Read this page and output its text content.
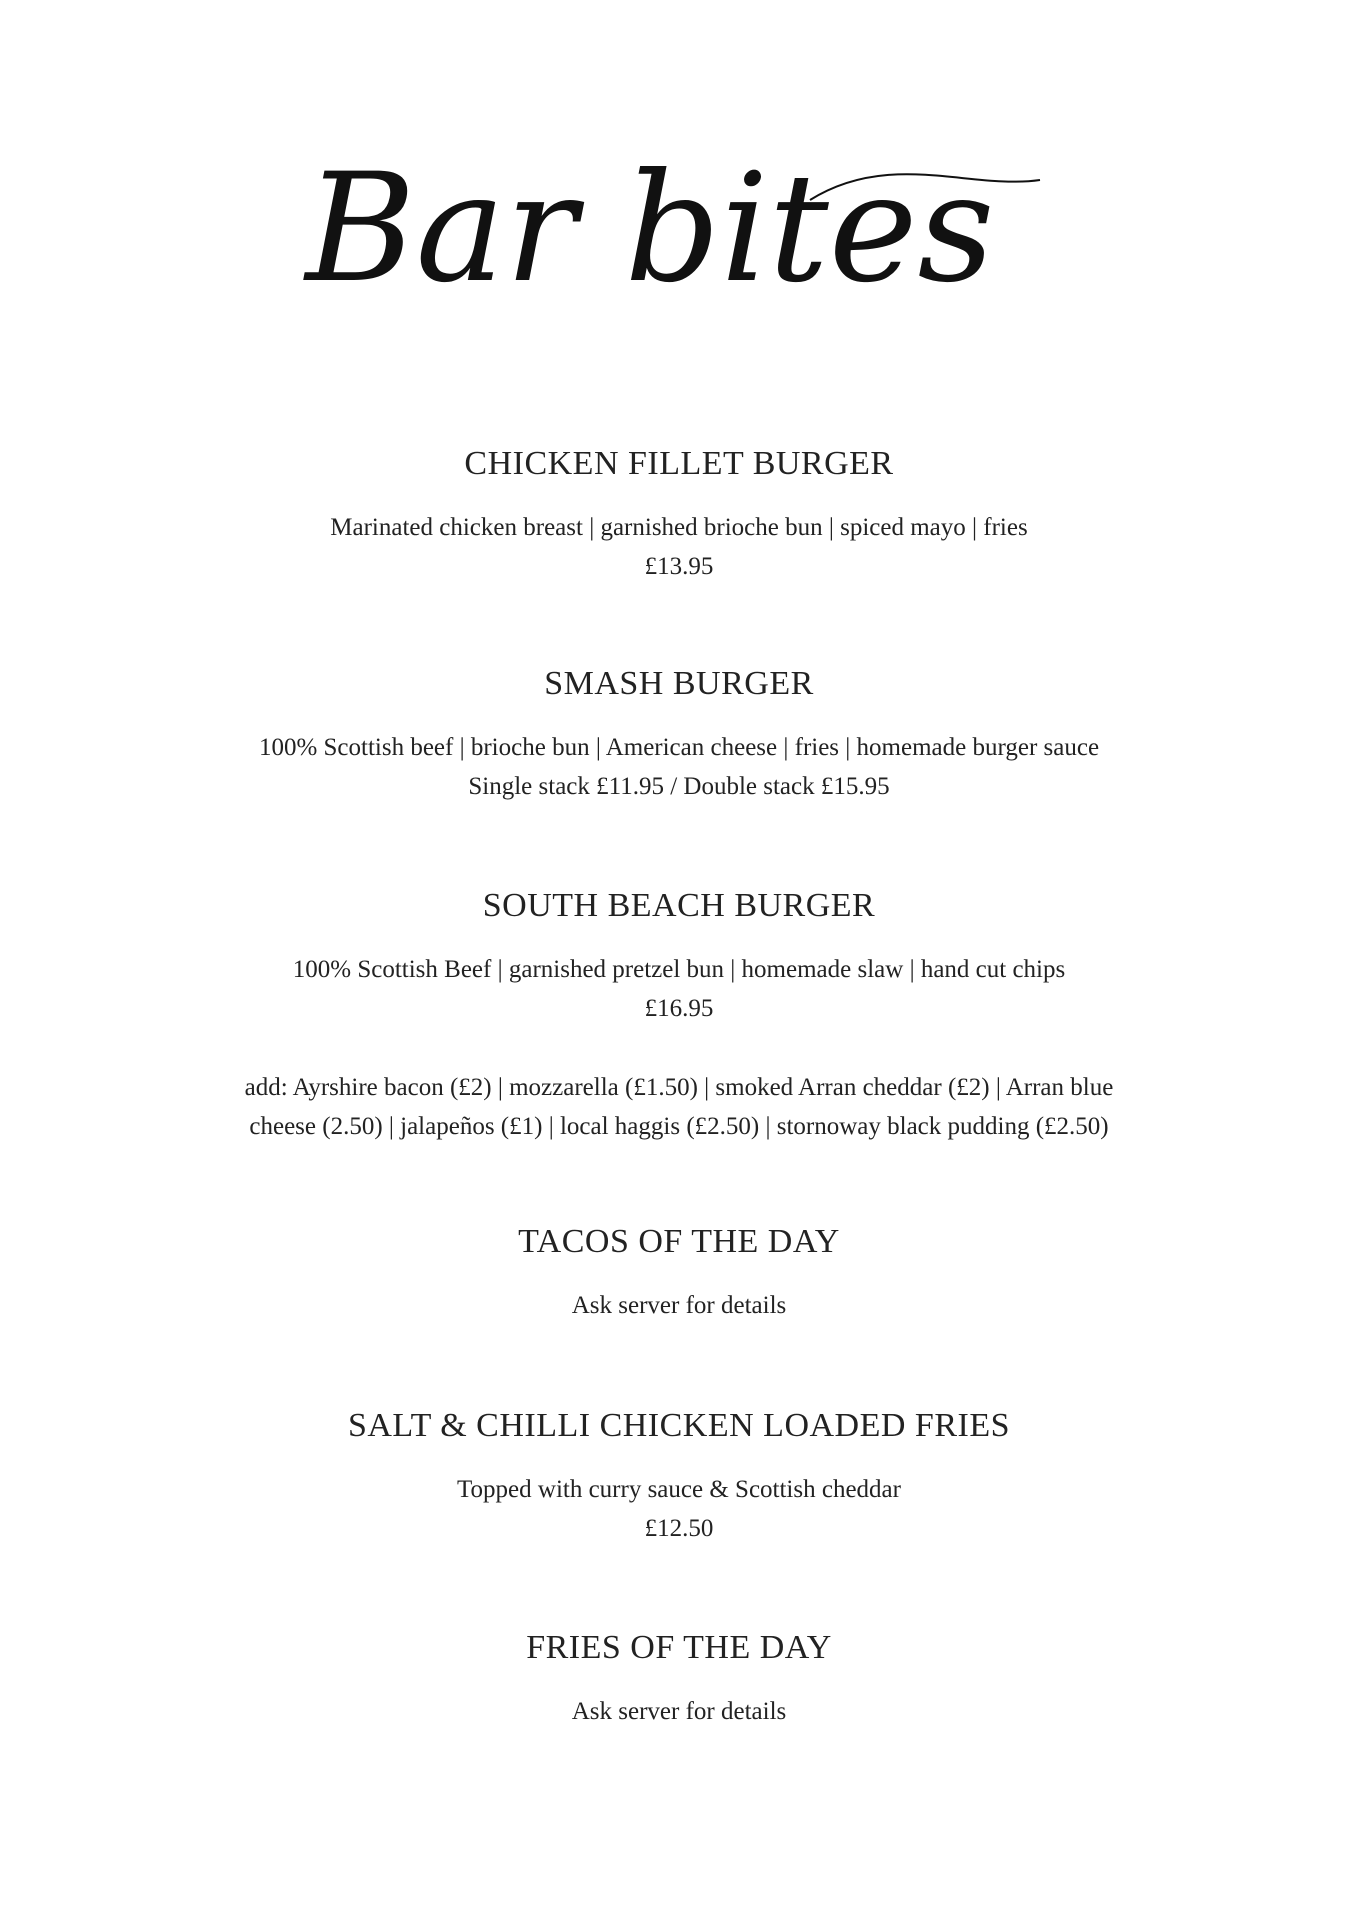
Bar bites

CHICKEN FILLET BURGER

Marinated chicken breast | garnished brioche bun | spiced mayo | fries

£13.95

SMASH BURGER

100% Scottish beef | brioche bun | American cheese | fries | homemade burger sauce

Single stack £11.95 / Double stack £15.95

SOUTH BEACH BURGER

100% Scottish Beef | garnished pretzel bun | homemade slaw | hand cut chips

£16.95

add: Ayrshire bacon (£2) | mozzarella (£1.50) | smoked Arran cheddar (£2) | Arran blue

cheese (2.50) | jalapeños (£1) | local haggis (£2.50) | stornoway black pudding (£2.50)

TACOS OF THE DAY

Ask server for details

SALT & CHILLI CHICKEN LOADED FRIES

Topped with curry sauce & Scottish cheddar

£12.50

FRIES OF THE DAY

Ask server for details
